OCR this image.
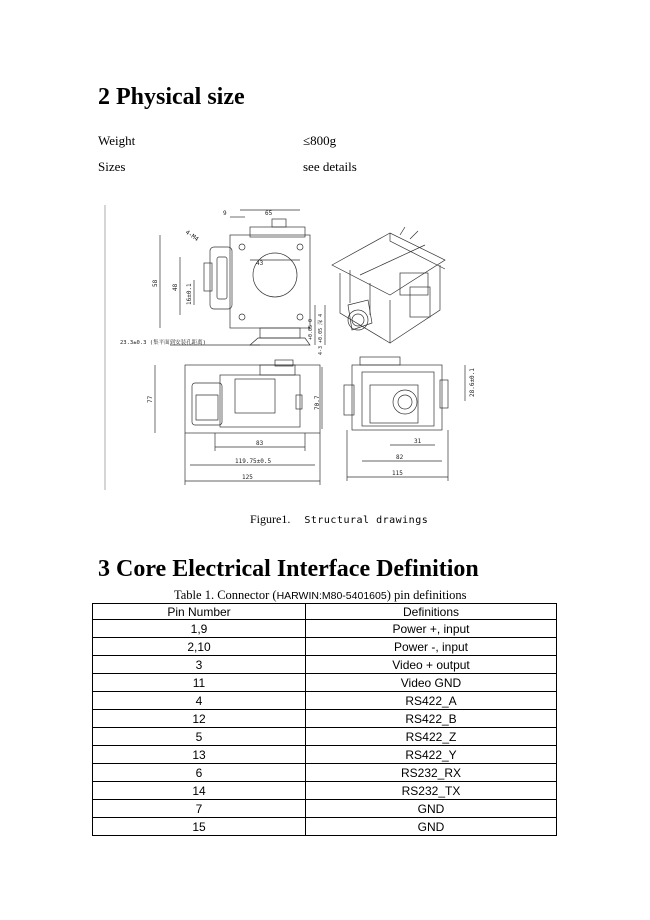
2 Physical size
Weight	≤800g
Sizes	see details
65
9
4-M4
43
58
48 16±0.1
23.3±0.3 (集平面到安装孔距离)	4-3 +0.05 深 4
+0.05 0
77	70.7
83
119.75±0.5
125
28.6±0.1
31
82
115
Figure1. Structural drawings
3 Core Electrical Interface Definition
Table 1. Connector (HARWIN:M80-5401605) pin definitions
Pin Number	Definitions
1,9	Power +, input
2,10	Power -, input
3	Video + output
11	Video GND
4	RS422_A
12	RS422_B
5	RS422_Z
13	RS422_Y
6	RS232_RX
14	RS232_TX
7	GND
15	GND
